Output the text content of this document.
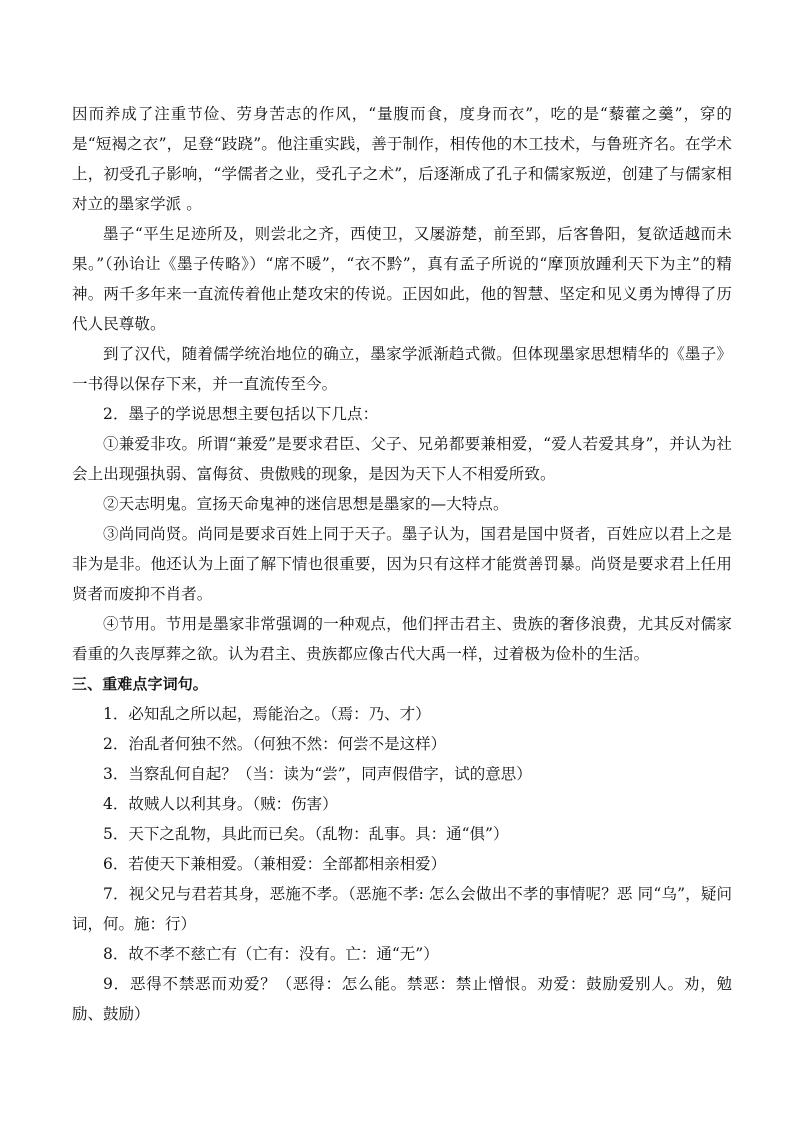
因而养成了注重节俭、劳身苦志的作风，“量腹而食，度身而衣”，吃的是“藜藿之羹”，穿的是“短褐之衣”，足登“跂跷”。他注重实践，善于制作，相传他的木工技术，与鲁班齐名。在学术上，初受孔子影响，“学儒者之业，受孔子之术”，后逐渐成了孔子和儒家叛逆，创建了与儒家相对立的墨家学派 。

墨子“平生足迹所及，则尝北之齐，西使卫，又屡游楚，前至郢，后客鲁阳，复欲适越而未果。”（孙诒让《墨子传略》）“席不暖”，“衣不黔”，真有孟子所说的“摩顶放踵利天下为主”的精神。两千多年来一直流传着他止楚攻宋的传说。正因如此，他的智慧、坚定和见义勇为博得了历代人民尊敬。

到了汉代，随着儒学统治地位的确立，墨家学派渐趋式微。但体现墨家思想精华的《墨子》一书得以保存下来，并一直流传至今。

2．墨子的学说思想主要包括以下几点：

①兼爱非攻。所谓“兼爱”是要求君臣、父子、兄弟都要兼相爱，“爱人若爱其身”，并认为社会上出现强执弱、富侮贫、贵傲贱的现象，是因为天下人不相爱所致。

②天志明鬼。宣扬天命鬼神的迷信思想是墨家的—大特点。

③尚同尚贤。尚同是要求百姓上同于天子。墨子认为，国君是国中贤者，百姓应以君上之是非为是非。他还认为上面了解下情也很重要，因为只有这样才能赏善罚暴。尚贤是要求君上任用贤者而废抑不肖者。

④节用。节用是墨家非常强调的一种观点，他们抨击君主、贵族的奢侈浪费，尤其反对儒家看重的久丧厚葬之欲。认为君主、贵族都应像古代大禹一样，过着极为俭朴的生活。

三、重难点字词句。

1．必知乱之所以起，焉能治之。（焉：乃、才）

2．治乱者何独不然。（何独不然：何尝不是这样）

3．当察乱何自起？（当：读为“尝”，同声假借字，试的意思）

4．故贼人以利其身。（贼：伤害）

5．天下之乱物，具此而已矣。（乱物：乱事。具：通“俱”）

6．若使天下兼相爱。（兼相爱：全部都相亲相爱）

7．视父兄与君若其身，恶施不孝。（恶施不孝: 怎么会做出不孝的事情呢？恶 同“乌”，疑问词，何。施：行）

8．故不孝不慈亡有（亡有：没有。亡：通“无”）

9．恶得不禁恶而劝爱？（恶得：怎么能。禁恶：禁止憎恨。劝爱：鼓励爱别人。劝，勉励、鼓励）
